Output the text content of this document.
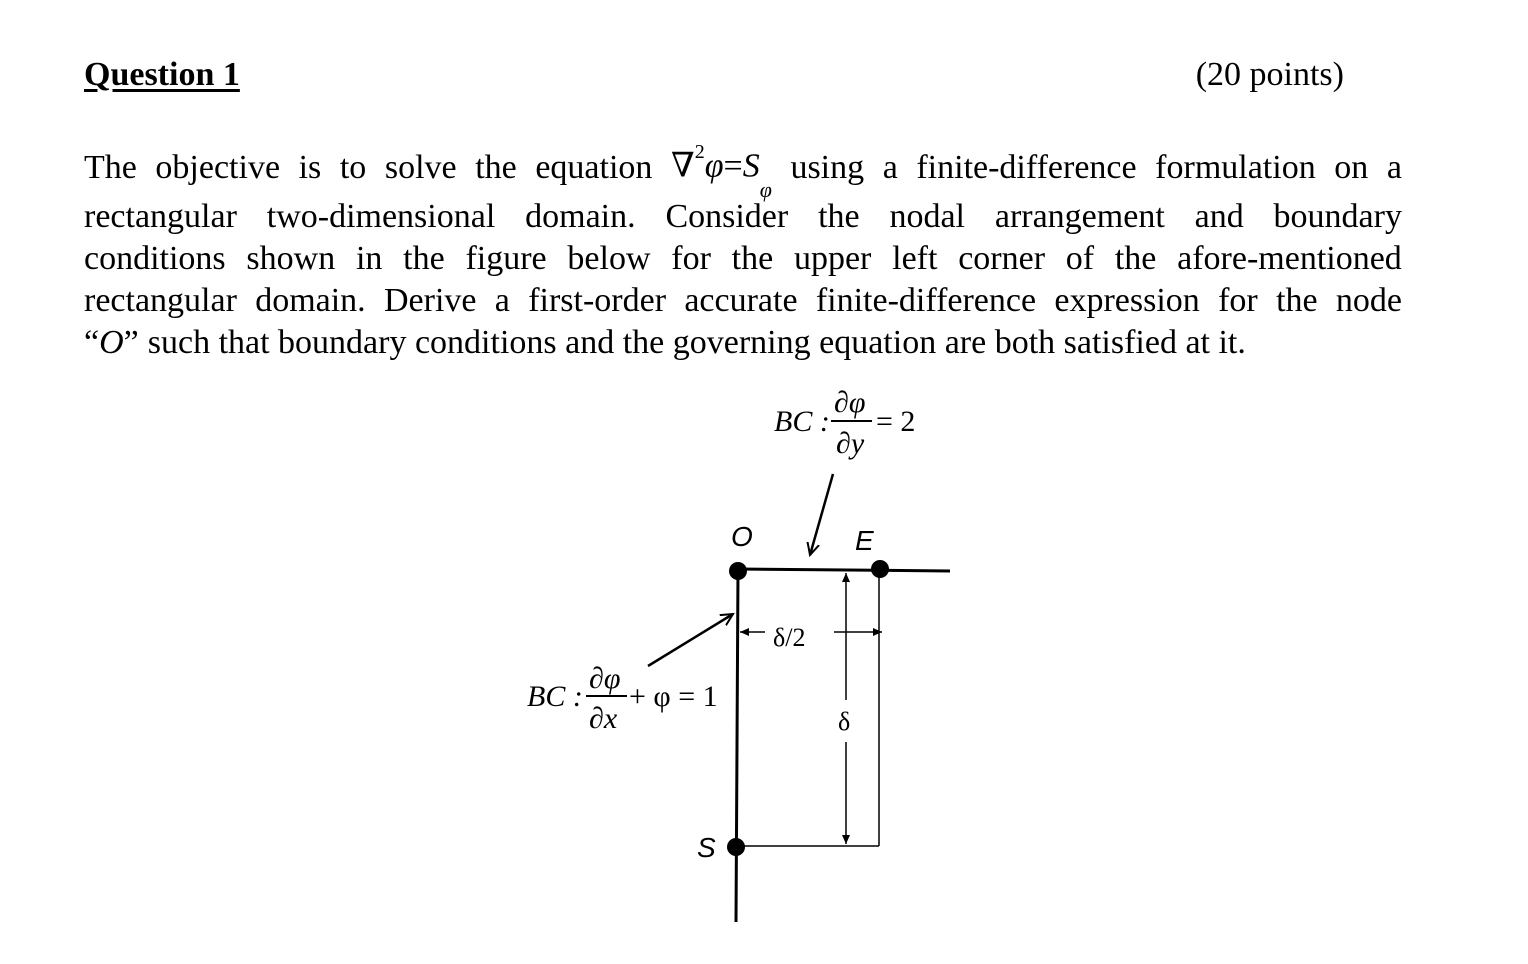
Question 1	(20 points)
The objective is to solve the equation $\nabla^2\varphi=S_\varphi$
using a finite-difference formulation on a
rectangular two-dimensional domain. Consider the nodal arrangement and boundary
conditions shown in the figure below for the upper left corner of the afore-mentioned
rectangular domain. Derive a first-order accurate finite-difference expression for the node
“O” such that boundary conditions and the governing equation are both satisfied at it.
BC :
∂φ
∂y
= 2
BC :
∂φ
∂x
+ φ = 1
O	E
S
δ/2
δ
